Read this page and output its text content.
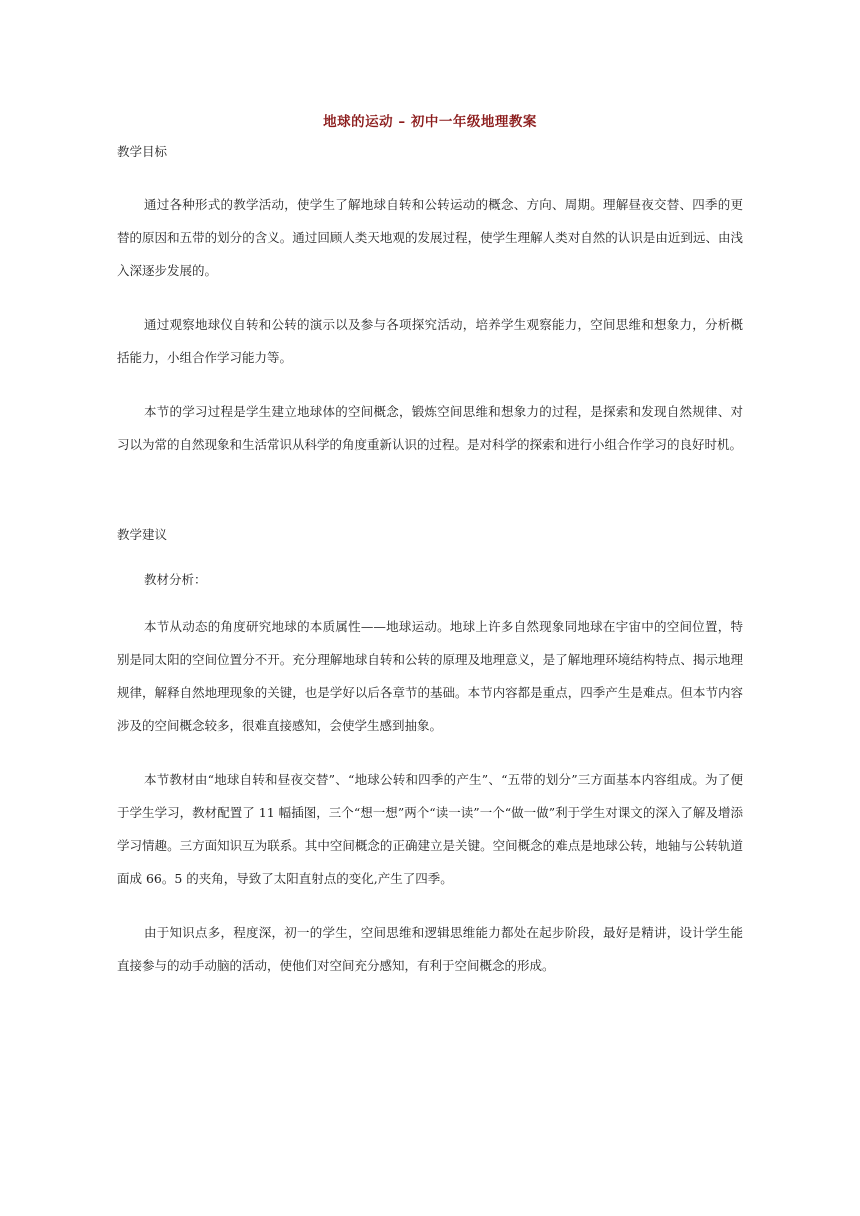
地球的运动 – 初中一年级地理教案
教学目标

通过各种形式的教学活动，使学生了解地球自转和公转运动的概念、方向、周期。理解昼夜交替、四季的更替的原因和五带的划分的含义。通过回顾人类天地观的发展过程，使学生理解人类对自然的认识是由近到远、由浅入深逐步发展的。

通过观察地球仪自转和公转的演示以及参与各项探究活动，培养学生观察能力，空间思维和想象力，分析概括能力，小组合作学习能力等。

本节的学习过程是学生建立地球体的空间概念，锻炼空间思维和想象力的过程，是探索和发现自然规律、对习以为常的自然现象和生活常识从科学的角度重新认识的过程。是对科学的探索和进行小组合作学习的良好时机。

教学建议
教材分析：

本节从动态的角度研究地球的本质属性——地球运动。地球上许多自然现象同地球在宇宙中的空间位置，特别是同太阳的空间位置分不开。充分理解地球自转和公转的原理及地理意义，是了解地理环境结构特点、揭示地理规律，解释自然地理现象的关键，也是学好以后各章节的基础。本节内容都是重点，四季产生是难点。但本节内容涉及的空间概念较多，很难直接感知，会使学生感到抽象。

本节教材由“地球自转和昼夜交替”、“地球公转和四季的产生”、“五带的划分”三方面基本内容组成。为了便于学生学习，教材配置了 11 幅插图，三个“想一想”两个“读一读”一个“做一做”利于学生对课文的深入了解及增添学习情趣。三方面知识互为联系。其中空间概念的正确建立是关键。空间概念的难点是地球公转，地轴与公转轨道面成 66。5 的夹角，导致了太阳直射点的变化,产生了四季。

由于知识点多，程度深，初一的学生，空间思维和逻辑思维能力都处在起步阶段，最好是精讲，设计学生能直接参与的动手动脑的活动，使他们对空间充分感知，有利于空间概念的形成。
